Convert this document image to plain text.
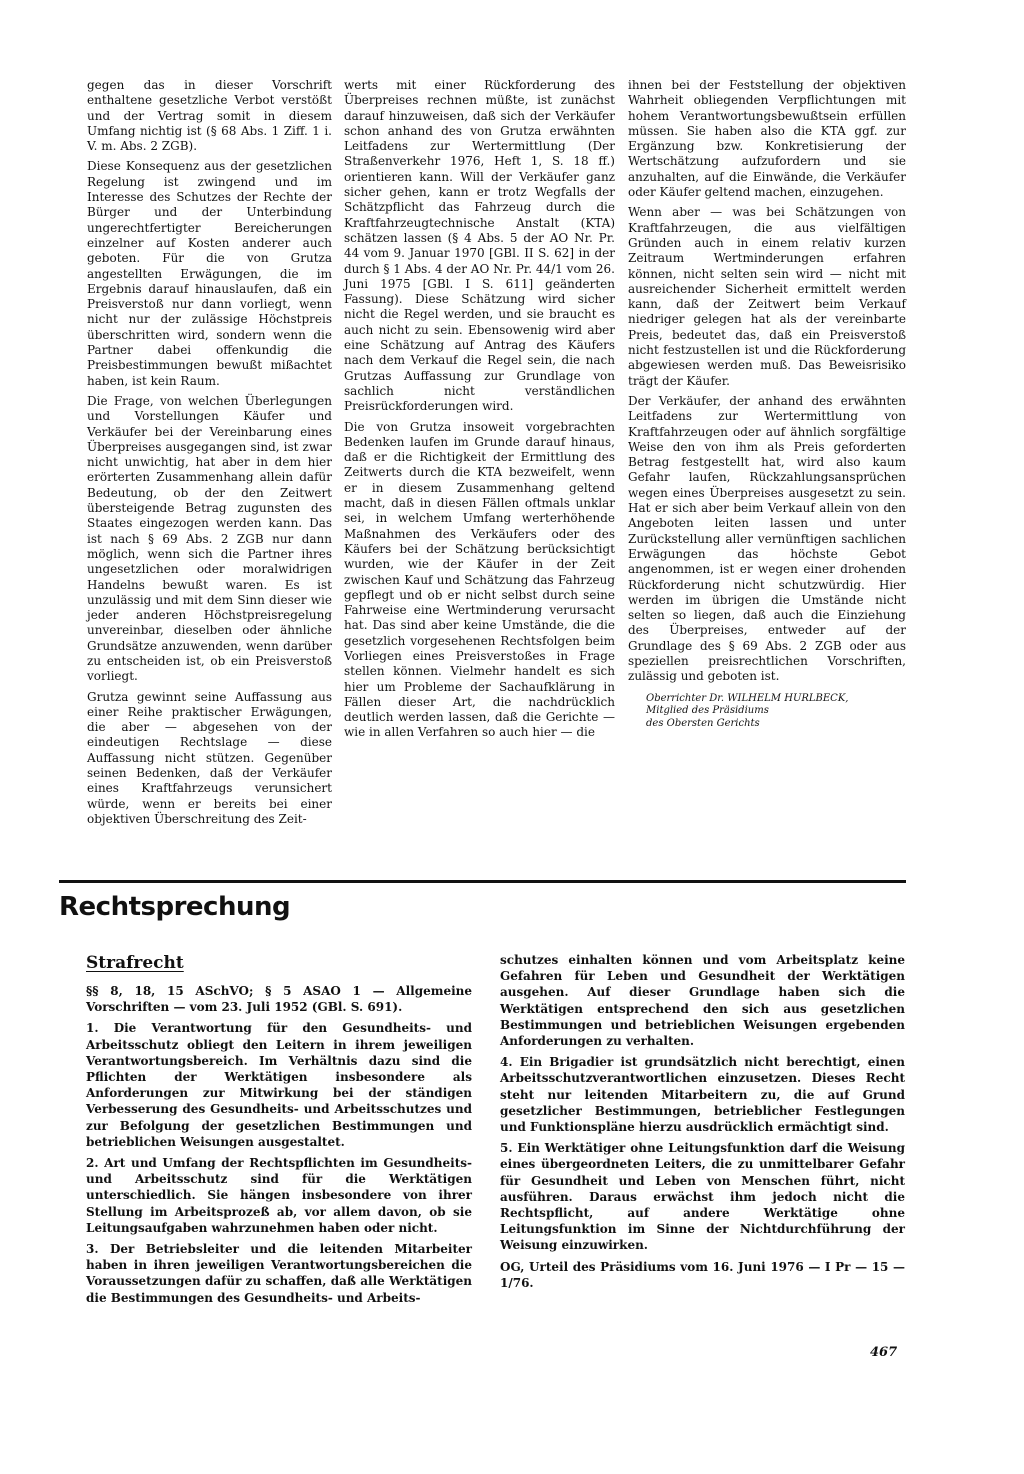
gegen das in dieser Vorschrift enthaltene gesetzliche Verbot verstößt und der Vertrag somit in diesem Umfang nichtig ist (§ 68 Abs. 1 Ziff. 1 i. V. m. Abs. 2 ZGB).

Diese Konsequenz aus der gesetzlichen Regelung ist zwingend und im Interesse des Schutzes der Rechte der Bürger und der Unterbindung ungerechtfertigter Bereicherungen einzelner auf Kosten anderer auch geboten. Für die von Grutza angestellten Erwägungen, die im Ergebnis darauf hinauslaufen, daß ein Preisverstoß nur dann vorliegt, wenn nicht nur der zulässige Höchstpreis überschritten wird, sondern wenn die Partner dabei offenkundig die Preisbestimmungen bewußt mißachtet haben, ist kein Raum.

Die Frage, von welchen Überlegungen und Vorstellungen Käufer und Verkäufer bei der Vereinbarung eines Überpreises ausgegangen sind, ist zwar nicht unwichtig, hat aber in dem hier erörterten Zusammenhang allein dafür Bedeutung, ob der den Zeitwert übersteigende Betrag zugunsten des Staates eingezogen werden kann. Das ist nach § 69 Abs. 2 ZGB nur dann möglich, wenn sich die Partner ihres ungesetzlichen oder moralwidrigen Handelns bewußt waren. Es ist unzulässig und mit dem Sinn dieser wie jeder anderen Höchstpreisregelung unvereinbar, dieselben oder ähnliche Grundsätze anzuwenden, wenn darüber zu entscheiden ist, ob ein Preisverstoß vorliegt.

Grutza gewinnt seine Auffassung aus einer Reihe praktischer Erwägungen, die aber — abgesehen von der eindeutigen Rechtslage — diese Auffassung nicht stützen. Gegenüber seinen Bedenken, daß der Verkäufer eines Kraftfahrzeugs verunsichert würde, wenn er bereits bei einer objektiven Überschreitung des Zeit-

werts mit einer Rückforderung des Überpreises rechnen müßte, ist zunächst darauf hinzuweisen, daß sich der Verkäufer schon anhand des von Grutza erwähnten Leitfadens zur Wertermittlung (Der Straßenverkehr 1976, Heft 1, S. 18 ff.) orientieren kann. Will der Verkäufer ganz sicher gehen, kann er trotz Wegfalls der Schätzpflicht das Fahrzeug durch die Kraftfahrzeugtechnische Anstalt (KTA) schätzen lassen (§ 4 Abs. 5 der AO Nr. Pr. 44 vom 9. Januar 1970 [GBl. II S. 62] in der durch § 1 Abs. 4 der AO Nr. Pr. 44/1 vom 26. Juni 1975 [GBl. I S. 611] geänderten Fassung). Diese Schätzung wird sicher nicht die Regel werden, und sie braucht es auch nicht zu sein. Ebensowenig wird aber eine Schätzung auf Antrag des Käufers nach dem Verkauf die Regel sein, die nach Grutzas Auffassung zur Grundlage von sachlich nicht verständlichen Preisrückforderungen wird.

Die von Grutza insoweit vorgebrachten Bedenken laufen im Grunde darauf hinaus, daß er die Richtigkeit der Ermittlung des Zeitwerts durch die KTA bezweifelt, wenn er in diesem Zusammenhang geltend macht, daß in diesen Fällen oftmals unklar sei, in welchem Umfang werterhöhende Maßnahmen des Verkäufers oder des Käufers bei der Schätzung berücksichtigt wurden, wie der Käufer in der Zeit zwischen Kauf und Schätzung das Fahrzeug gepflegt und ob er nicht selbst durch seine Fahrweise eine Wertminderung verursacht hat. Das sind aber keine Umstände, die die gesetzlich vorgesehenen Rechtsfolgen beim Vorliegen eines Preisverstoßes in Frage stellen können. Vielmehr handelt es sich hier um Probleme der Sachaufklärung in Fällen dieser Art, die nachdrücklich deutlich werden lassen, daß die Gerichte — wie in allen Verfahren so auch hier — die

ihnen bei der Feststellung der objektiven Wahrheit obliegenden Verpflichtungen mit hohem Verantwortungsbewußtsein erfüllen müssen. Sie haben also die KTA ggf. zur Ergänzung bzw. Konkretisierung der Wertschätzung aufzufordern und sie anzuhalten, auf die Einwände, die Verkäufer oder Käufer geltend machen, einzugehen.

Wenn aber — was bei Schätzungen von Kraftfahrzeugen, die aus vielfältigen Gründen auch in einem relativ kurzen Zeitraum Wertminderungen erfahren können, nicht selten sein wird — nicht mit ausreichender Sicherheit ermittelt werden kann, daß der Zeitwert beim Verkauf niedriger gelegen hat als der vereinbarte Preis, bedeutet das, daß ein Preisverstoß nicht festzustellen ist und die Rückforderung abgewiesen werden muß. Das Beweisrisiko trägt der Käufer.

Der Verkäufer, der anhand des erwähnten Leitfadens zur Wertermittlung von Kraftfahrzeugen oder auf ähnlich sorgfältige Weise den von ihm als Preis geforderten Betrag festgestellt hat, wird also kaum Gefahr laufen, Rückzahlungsansprüchen wegen eines Überpreises ausgesetzt zu sein. Hat er sich aber beim Verkauf allein von den Angeboten leiten lassen und unter Zurückstellung aller vernünftigen sachlichen Erwägungen das höchste Gebot angenommen, ist er wegen einer drohenden Rückforderung nicht schutzwürdig. Hier werden im übrigen die Umstände nicht selten so liegen, daß auch die Einziehung des Überpreises, entweder auf der Grundlage des § 69 Abs. 2 ZGB oder aus speziellen preisrechtlichen Vorschriften, zulässig und geboten ist.

Oberrichter Dr. WILHELM HURLBECK,
Mitglied des Präsidiums
des Obersten Gerichts
Rechtsprechung
Strafrecht

§§ 8, 18, 15 ASchVO; § 5 ASAO 1 — Allgemeine Vorschriften — vom 23. Juli 1952 (GBl. S. 691).

1. Die Verantwortung für den Gesundheits- und Arbeitsschutz obliegt den Leitern in ihrem jeweiligen Verantwortungsbereich. Im Verhältnis dazu sind die Pflichten der Werktätigen insbesondere als Anforderungen zur Mitwirkung bei der ständigen Verbesserung des Gesundheits- und Arbeitsschutzes und zur Befolgung der gesetzlichen Bestimmungen und betrieblichen Weisungen ausgestaltet.

2. Art und Umfang der Rechtspflichten im Gesundheits- und Arbeitsschutz sind für die Werktätigen unterschiedlich. Sie hängen insbesondere von ihrer Stellung im Arbeitsprozeß ab, vor allem davon, ob sie Leitungsaufgaben wahrzunehmen haben oder nicht.

3. Der Betriebsleiter und die leitenden Mitarbeiter haben in ihren jeweiligen Verantwortungsbereichen die Voraussetzungen dafür zu schaffen, daß alle Werktätigen die Bestimmungen des Gesundheits- und Arbeits-

schutzes einhalten können und vom Arbeitsplatz keine Gefahren für Leben und Gesundheit der Werktätigen ausgehen. Auf dieser Grundlage haben sich die Werktätigen entsprechend den sich aus gesetzlichen Bestimmungen und betrieblichen Weisungen ergebenden Anforderungen zu verhalten.

4. Ein Brigadier ist grundsätzlich nicht berechtigt, einen Arbeitsschutzverantwortlichen einzusetzen. Dieses Recht steht nur leitenden Mitarbeitern zu, die auf Grund gesetzlicher Bestimmungen, betrieblicher Festlegungen und Funktionspläne hierzu ausdrücklich ermächtigt sind.

5. Ein Werktätiger ohne Leitungsfunktion darf die Weisung eines übergeordneten Leiters, die zu unmittelbarer Gefahr für Gesundheit und Leben von Menschen führt, nicht ausführen. Daraus erwächst ihm jedoch nicht die Rechtspflicht, auf andere Werktätige ohne Leitungsfunktion im Sinne der Nichtdurchführung der Weisung einzuwirken.

OG, Urteil des Präsidiums vom 16. Juni 1976 — I Pr — 15 — 1/76.

467
